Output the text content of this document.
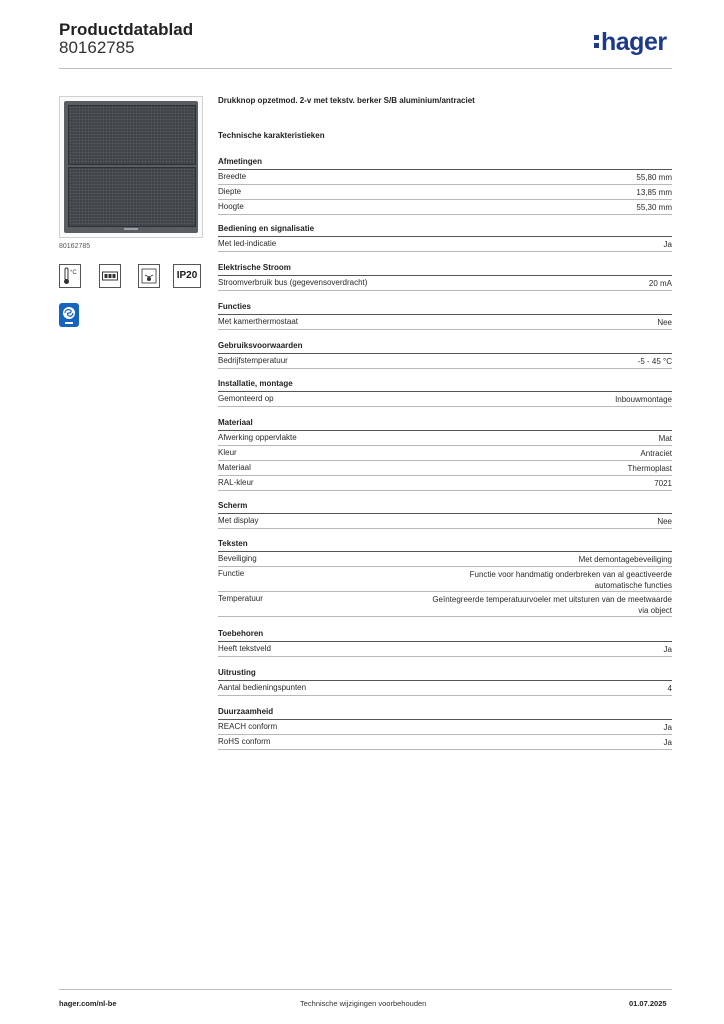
Productdatablad
80162785	hager
80162785
°C	IP20
Drukknop opzetmod. 2-v met tekstv. berker S/B aluminium/antraciet
Technische karakteristieken
Afmetingen
Breedte	55,80 mm
Diepte	13,85 mm
Hoogte	55,30 mm
Bediening en signalisatie
Met led-indicatie	Ja
Elektrische Stroom
Stroomverbruik bus (gegevensoverdracht)	20 mA
Functies
Met kamerthermostaat	Nee
Gebruiksvoorwaarden
Bedrijfstemperatuur	-5 - 45 °C
Installatie, montage
Gemonteerd op	Inbouwmontage
Materiaal
Afwerking oppervlakte	Mat
Kleur	Antraciet
Materiaal	Thermoplast
RAL-kleur	7021
Scherm
Met display	Nee
Teksten
Beveiliging	Met demontagebeveiliging
Functie	Functie voor handmatig onderbreken van al geactiveerde automatische functies
Temperatuur	Geïntegreerde temperatuurvoeler met uitsturen van de meetwaarde via object
Toebehoren
Heeft tekstveld	Ja
Uitrusting
Aantal bedieningspunten	4
Duurzaamheid
REACH conform	Ja
RoHS conform	Ja
hager.com/nl-be	Technische wijzigingen voorbehouden	01.07.2025
